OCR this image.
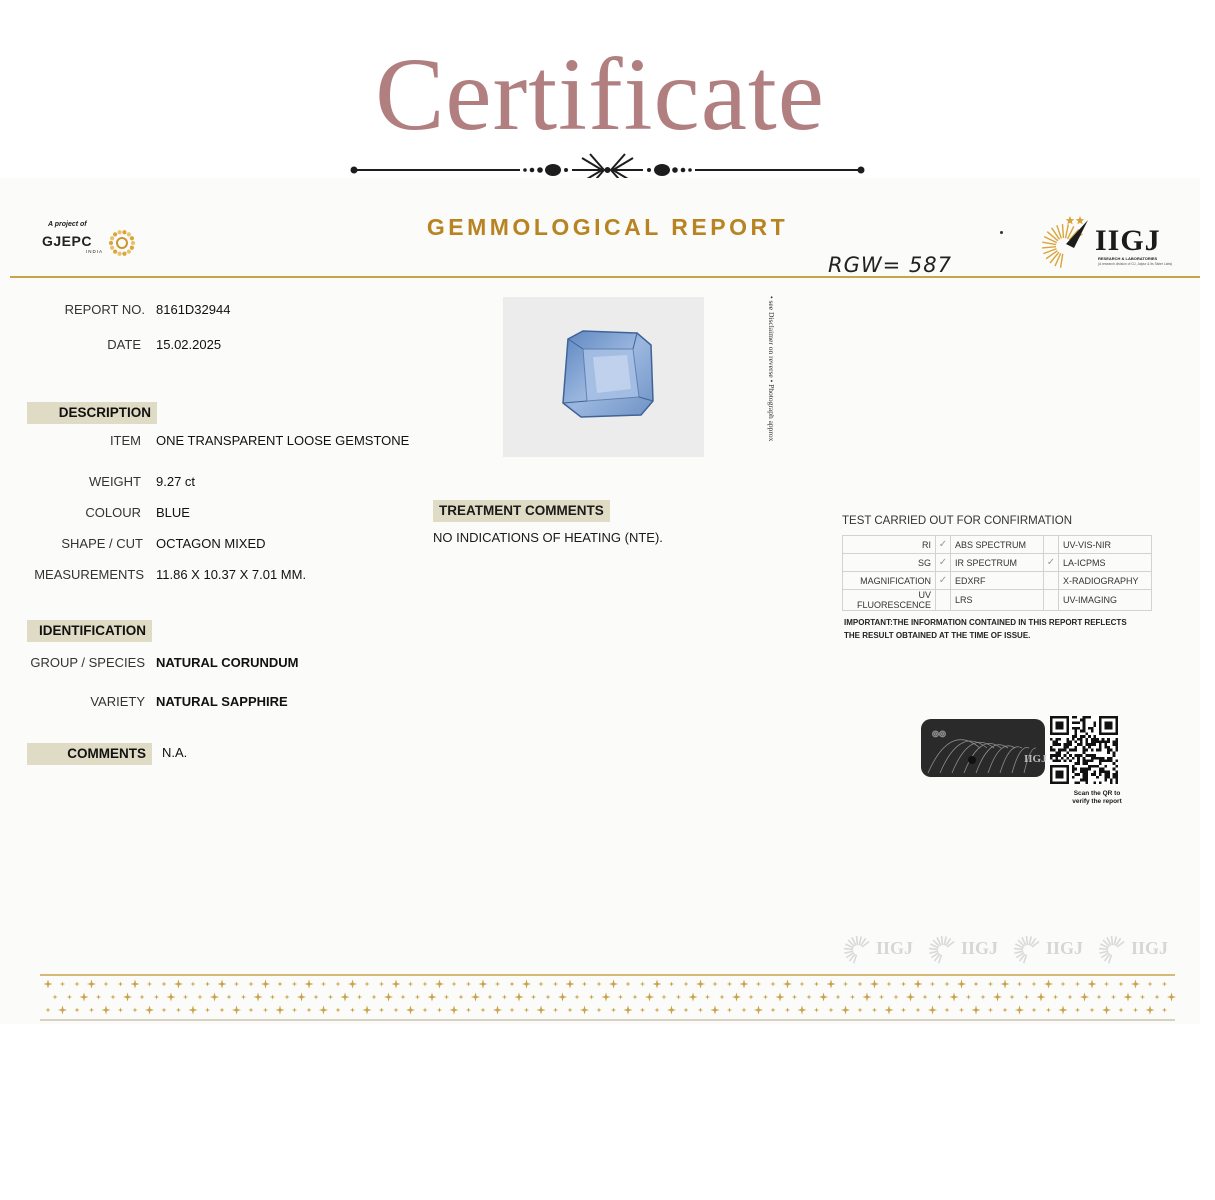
Certificate
GEMMOLOGICAL REPORT
A project of
GJEPC
INDIA	IIGJ
RESEARCH & LABORATORIES
(A research division of GJ, Jaipur & its Sister Labs)
RGW= 587
REPORT NO. 8161D32944
DATE 15.02.2025
DESCRIPTION
ITEM ONE TRANSPARENT LOOSE GEMSTONE
WEIGHT 9.27 ct
COLOUR BLUE
SHAPE / CUT OCTAGON MIXED
MEASUREMENTS 11.86 X 10.37 X 7.01 MM.
IDENTIFICATION
GROUP / SPECIES NATURAL CORUNDUM
VARIETY NATURAL SAPPHIRE
COMMENTS	N.A.
• see Disclaimer on reverse • Photograph approx
TREATMENT COMMENTS
NO INDICATIONS OF HEATING (NTE).
TEST CARRIED OUT FOR CONFIRMATION
RI	✓	ABS SPECTRUM		UV-VIS-NIR
SG	✓	IR SPECTRUM	✓	LA-ICPMS
MAGNIFICATION	✓	EDXRF		X-RADIOGRAPHY
UV FLUORESCENCE		LRS		UV-IMAGING
IMPORTANT:THE INFORMATION CONTAINED IN THIS REPORT REFLECTS THE RESULT OBTAINED AT THE TIME OF ISSUE.
◎◎
IIGJ
Scan the QR to
verify the report
IIGJ	IIGJ	IIGJ	IIGJ
